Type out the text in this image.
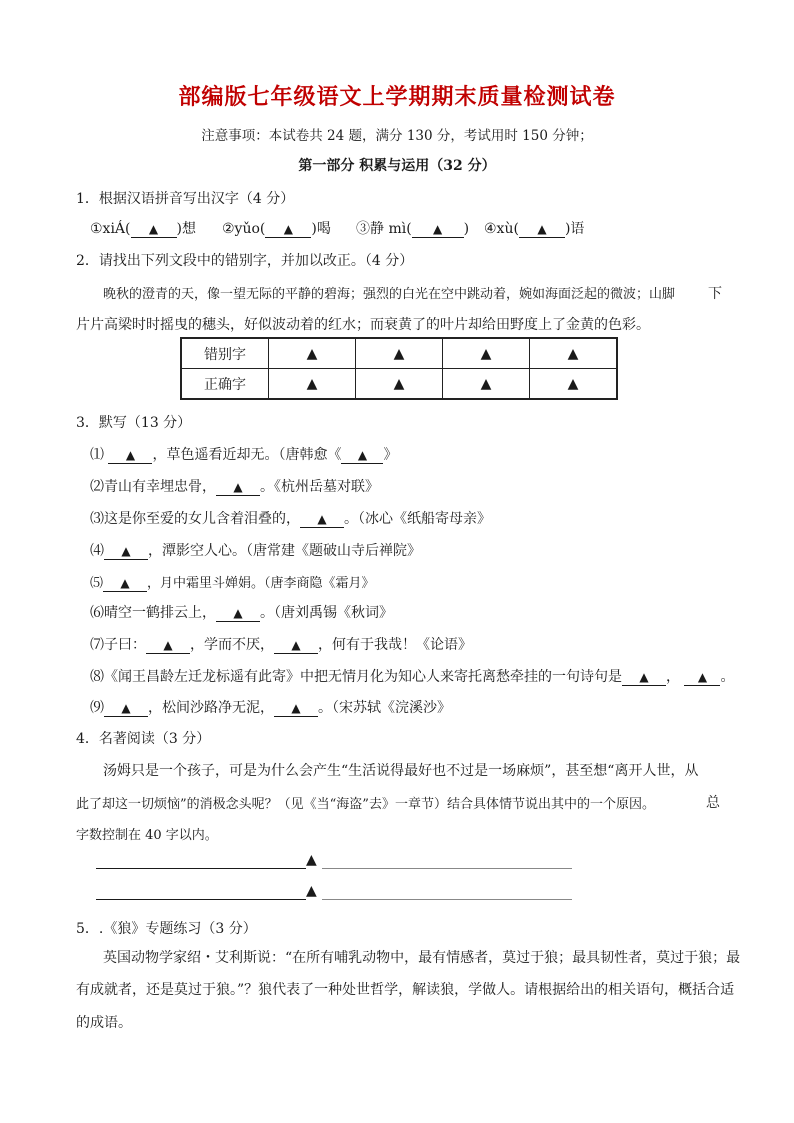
部编版七年级语文上学期期末质量检测试卷
注意事项：本试卷共 24 题，满分 130 分，考试用时 150 分钟；
第一部分 积累与运用（32 分）
1．根据汉语拼音写出汉字（4 分）
①xiÁ( ▲ )想 ②yǔo( ▲ )喝 ③静 mì( ▲ ) ④xù( ▲ )语
2．请找出下列文段中的错别字，并加以改正。（4 分）
晚秋的澄青的天，像一望无际的平静的碧海；强烈的白光在空中跳动着，婉如海面泛起的微波；山脚 下
片片高梁时时摇曳的穗头，好似波动着的红水；而衰黄了的叶片却给田野度上了金黄的色彩。
错别字	▲	▲	▲	▲
正确字	▲	▲	▲	▲
3．默写（13 分）
⑴ ▲ ，草色遥看近却无。（唐韩愈《 ▲ 》
⑵青山有幸埋忠骨， ▲ 。《杭州岳墓对联》
⑶这是你至爱的女儿含着泪叠的， ▲ 。（冰心《纸船寄母亲》
⑷ ▲ ，潭影空人心。（唐常建《题破山寺后禅院》
⑸ ▲ ，月中霜里斗婵娟。（唐李商隐《霜月》
⑹晴空一鹤排云上， ▲ 。（唐刘禹锡《秋词》
⑺子曰： ▲ ，学而不厌， ▲ ，何有于我哉！《论语》
⑻《闻王昌龄左迁龙标遥有此寄》中把无情月化为知心人来寄托离愁牵挂的一句诗句是 ▲ ， ▲ 。
⑼ ▲ ，松间沙路净无泥， ▲ 。（宋苏轼《浣溪沙》
4．名著阅读（3 分）
汤姆只是一个孩子，可是为什么会产生“生活说得最好也不过是一场麻烦”，甚至想“离开人世，从
此了却这一切烦恼”的消极念头呢？（见《当“海盗”去》一章节）结合具体情节说出其中的一个原因。	总
字数控制在 40 字以内。
▲
▲
5．.《狼》专题练习（3 分）
英国动物学家绍・艾利斯说：“在所有哺乳动物中，最有情感者，莫过于狼；最具韧性者，莫过于狼；最
有成就者，还是莫过于狼。”？狼代表了一种处世哲学，解读狼，学做人。请根据给出的相关语句，概括合适
的成语。
